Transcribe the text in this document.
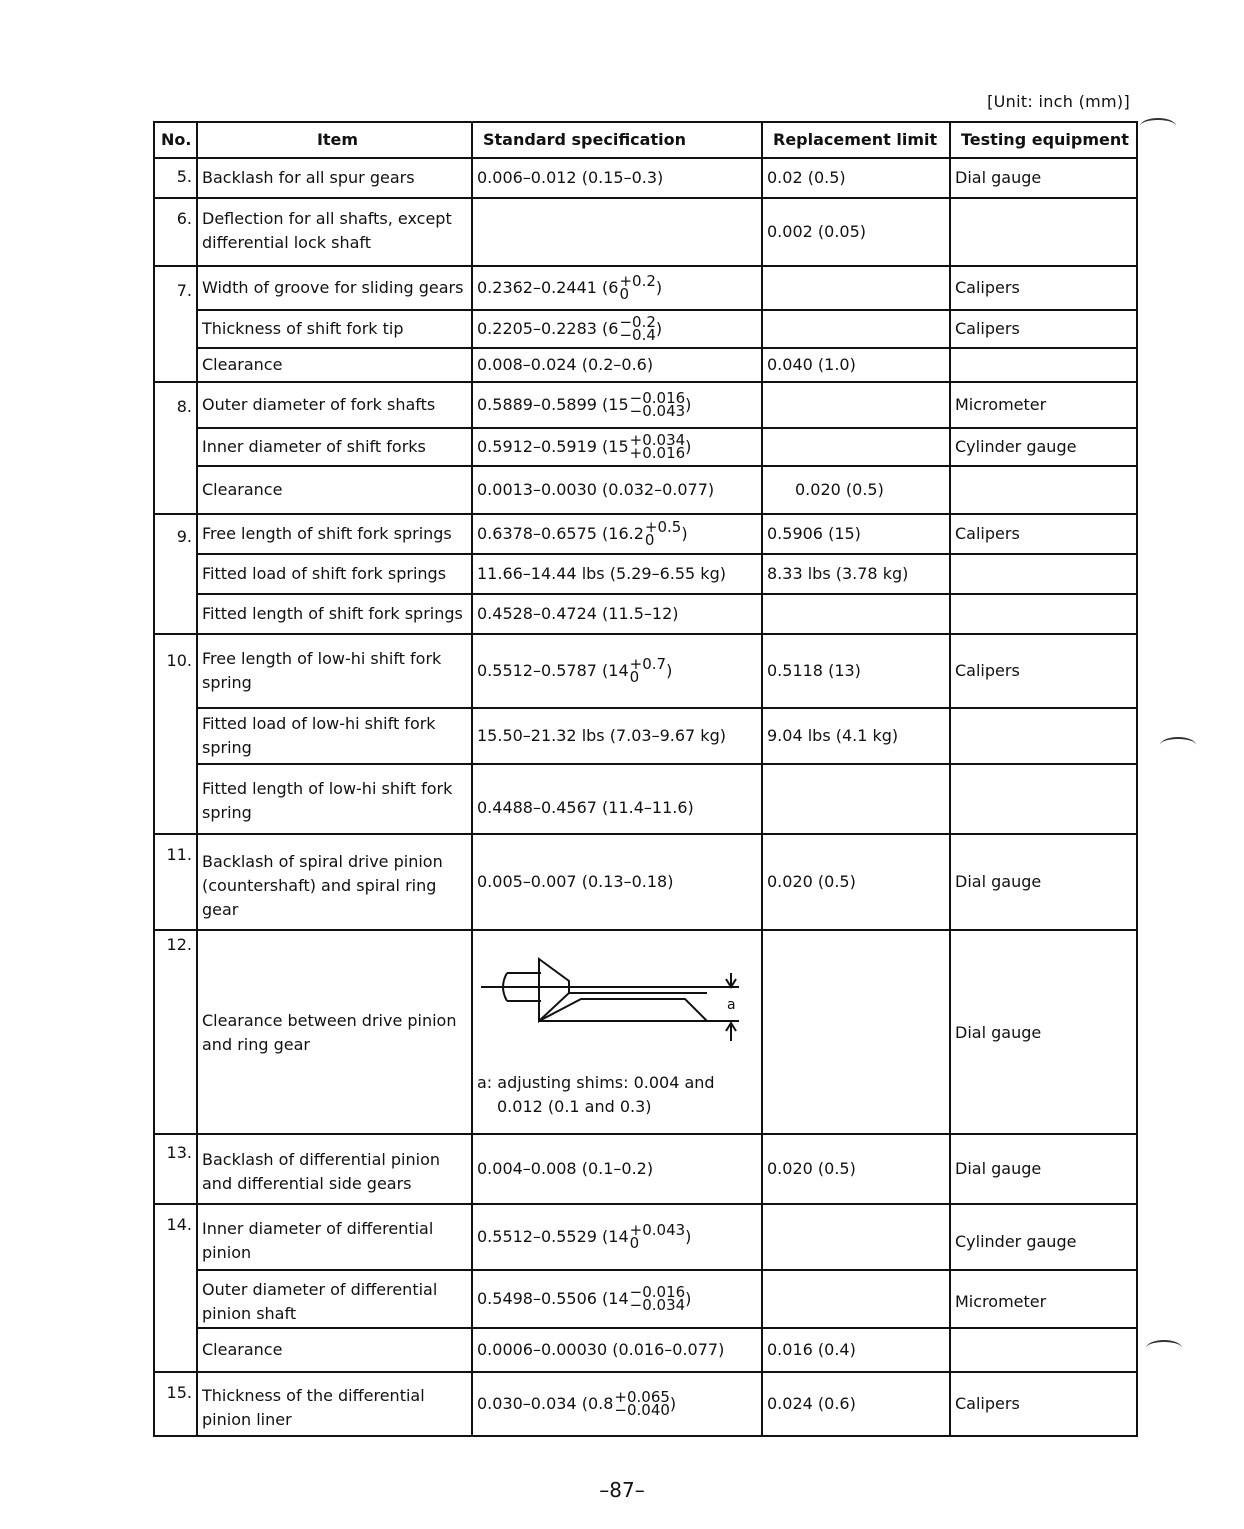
[Unit: inch (mm)]
No.	Item	Standard specification	Replacement limit	Testing equipment
5.	Backlash for all spur gears	0.006–0.012 (0.15–0.3)	0.02 (0.5)	Dial gauge
6.	Deflection for all shafts, except differential lock shaft		0.002 (0.05)	
7.	Width of groove for sliding gears	0.2362–0.2441 (6 +0.2
0 )		Calipers
	Thickness of shift fork tip	0.2205–0.2283 (6 −0.2
−0.4 )		Calipers
	Clearance	0.008–0.024 (0.2–0.6)	0.040 (1.0)	
8.	Outer diameter of fork shafts	0.5889–0.5899 (15 −0.016
−0.043 )		Micrometer
	Inner diameter of shift forks	0.5912–0.5919 (15 +0.034
+0.016 )		Cylinder gauge
	Clearance	0.0013–0.0030 (0.032–0.077)	0.020 (0.5)	
9.	Free length of shift fork springs	0.6378–0.6575 (16.2 +0.5
0 )	0.5906 (15)	Calipers
	Fitted load of shift fork springs	11.66–14.44 lbs (5.29–6.55 kg)	8.33 lbs (3.78 kg)	
	Fitted length of shift fork springs	0.4528–0.4724 (11.5–12)		
10.	Free length of low-hi shift fork spring	0.5512–0.5787 (14 +0.7
0 )	0.5118 (13)	Calipers
	Fitted load of low-hi shift fork spring	15.50–21.32 lbs (7.03–9.67 kg)	9.04 lbs (4.1 kg)	
	Fitted length of low-hi shift fork spring	0.4488–0.4567 (11.4–11.6)		
11.	Backlash of spiral drive pinion (countershaft) and spiral ring gear	0.005–0.007 (0.13–0.18)	0.020 (0.5)	Dial gauge
12.	Clearance between drive pinion and ring gear	a
a: adjusting shims: 0.004 and
0.012 (0.1 and 0.3)		Dial gauge
13.	Backlash of differential pinion and differential side gears	0.004–0.008 (0.1–0.2)	0.020 (0.5)	Dial gauge
14.	Inner diameter of differential pinion	0.5512–0.5529 (14 +0.043
0 )		Cylinder gauge
	Outer diameter of differential pinion shaft	0.5498–0.5506 (14 −0.016
−0.034 )		Micrometer
	Clearance	0.0006–0.00030 (0.016–0.077)	0.016 (0.4)	
15.	Thickness of the differential pinion liner	0.030–0.034 (0.8 +0.065
−0.040 )	0.024 (0.6)	Calipers
–87–
